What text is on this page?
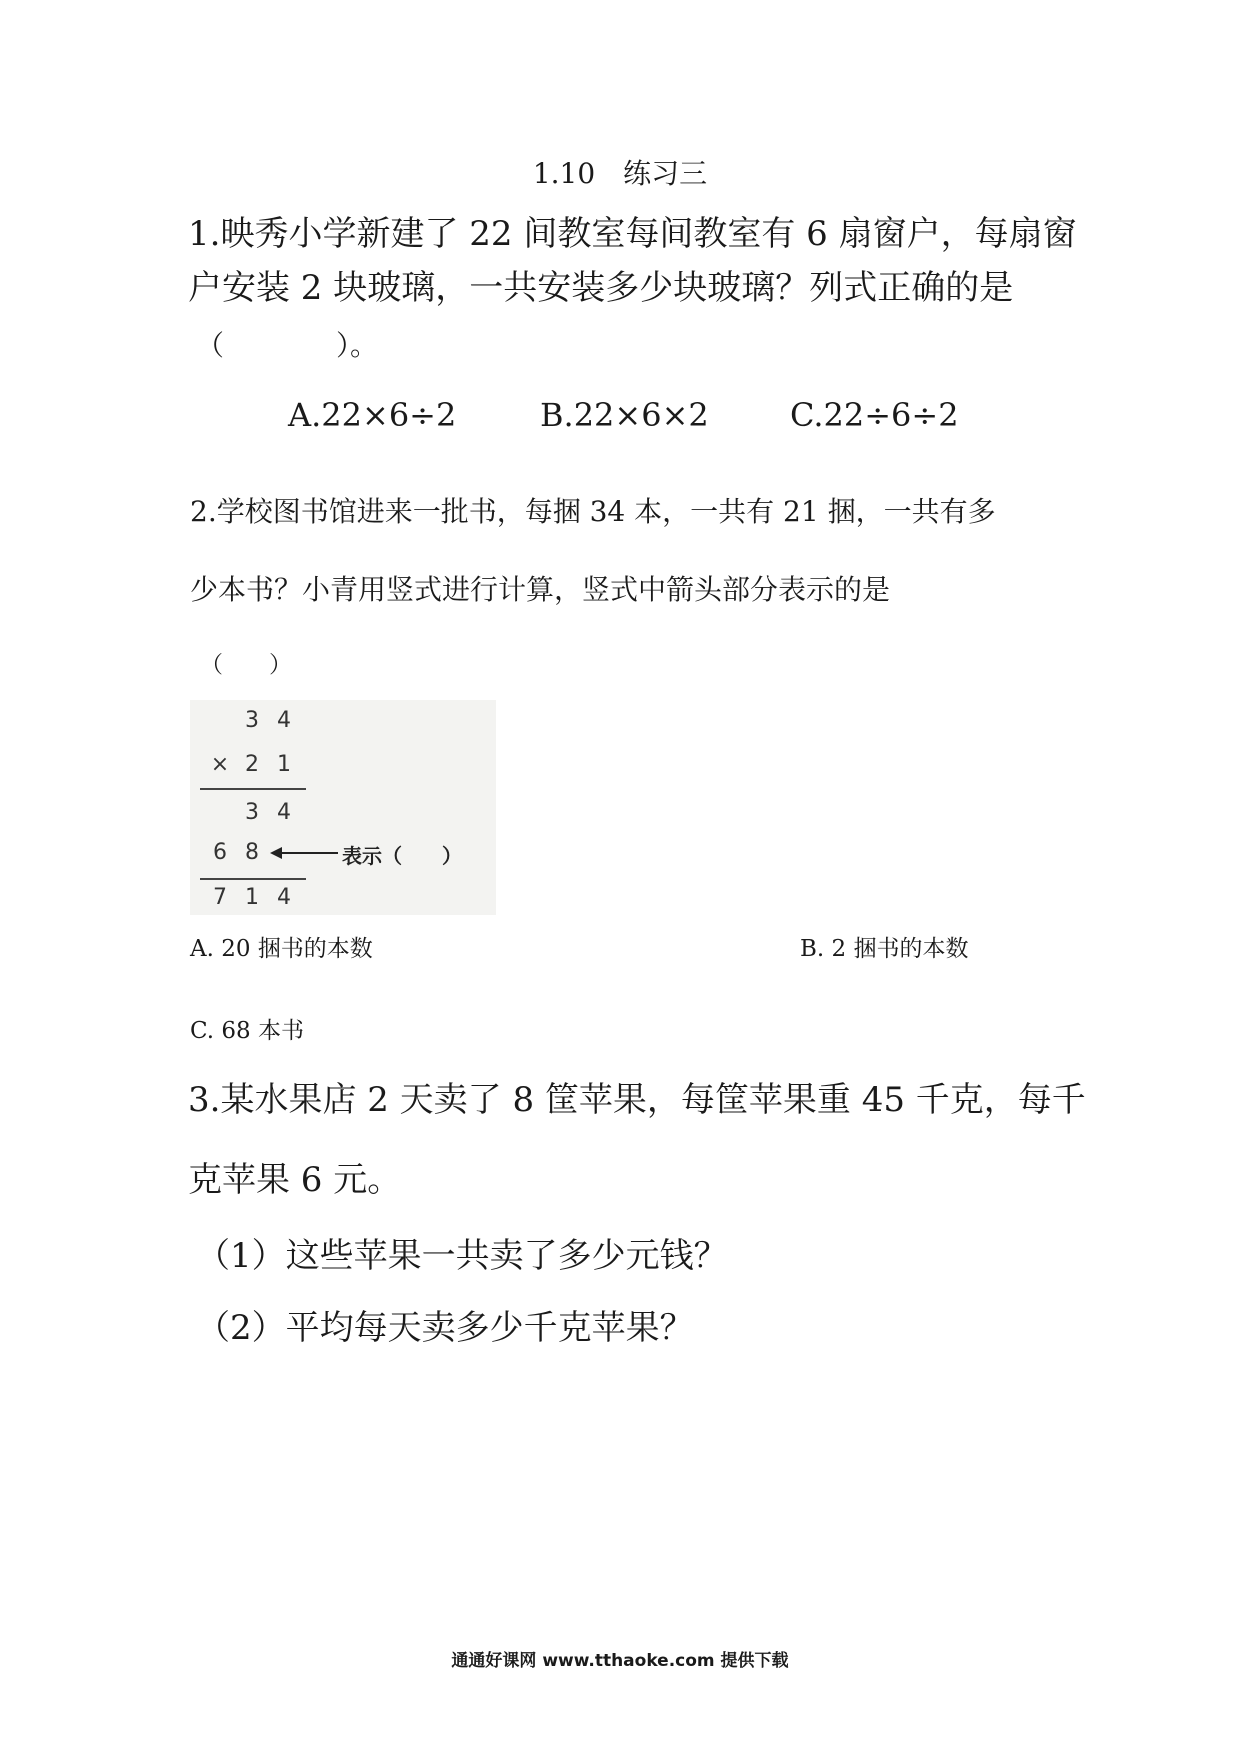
1.10　练习三
1.映秀小学新建了 22 间教室每间教室有 6 扇窗户，每扇窗
户安装 2 块玻璃，一共安装多少块玻璃？列式正确的是
（　　　　）。
A.22×6÷2	B.22×6×2	C.22÷6÷2
2.学校图书馆进来一批书，每捆 34 本，一共有 21 捆，一共有多
少本书？小青用竖式进行计算，竖式中箭头部分表示的是
（　　）
3 4
× 2 1
3 4
6 8	表示（　　）
7 1 4
A. 20 捆书的本数	B. 2 捆书的本数
C. 68 本书
3.某水果店 2 天卖了 8 筐苹果，每筐苹果重 45 千克，每千
克苹果 6 元。
（1）这些苹果一共卖了多少元钱？
（2）平均每天卖多少千克苹果？
通通好课网 www.tthaoke.com 提供下载
